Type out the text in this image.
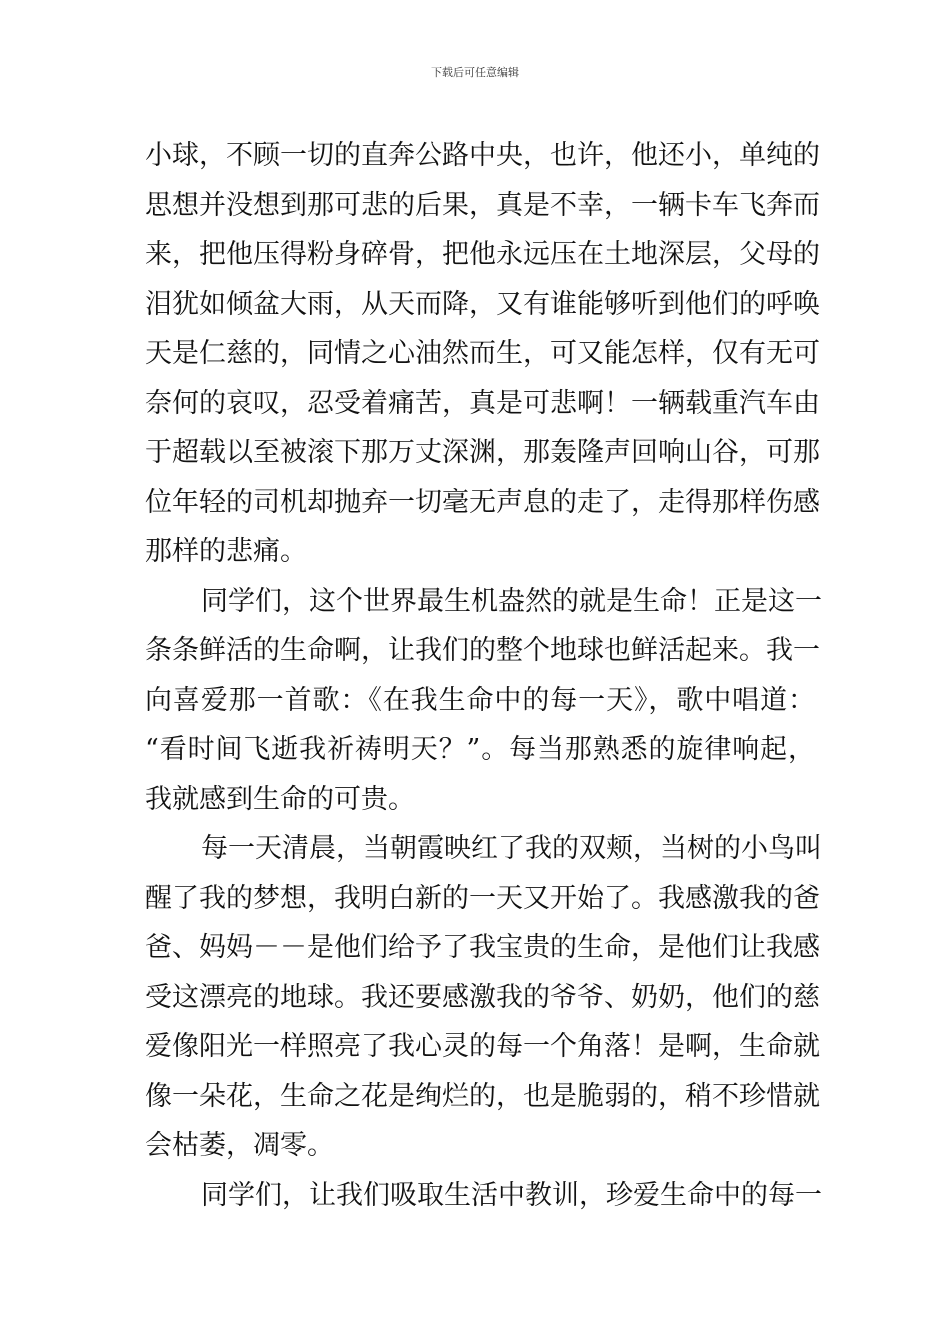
下载后可任意编辑
小球，不顾一切的直奔公路中央，也许，他还小，单纯的
思想并没想到那可悲的后果，真是不幸，一辆卡车飞奔而
来，把他压得粉身碎骨，把他永远压在土地深层，父母的
泪犹如倾盆大雨，从天而降，又有谁能够听到他们的呼唤
天是仁慈的，同情之心油然而生，可又能怎样，仅有无可
奈何的哀叹，忍受着痛苦，真是可悲啊！一辆载重汽车由
于超载以至被滚下那万丈深渊，那轰隆声回响山谷，可那
位年轻的司机却抛弃一切毫无声息的走了，走得那样伤感
那样的悲痛。
同学们，这个世界最生机盎然的就是生命！正是这一
条条鲜活的生命啊，让我们的整个地球也鲜活起来。我一
向喜爱那一首歌：《在我生命中的每一天》，歌中唱道：
“看时间飞逝我祈祷明天？”。每当那熟悉的旋律响起，
我就感到生命的可贵。
每一天清晨，当朝霞映红了我的双颊，当树的小鸟叫
醒了我的梦想，我明白新的一天又开始了。我感激我的爸
爸、妈妈－－是他们给予了我宝贵的生命，是他们让我感
受这漂亮的地球。我还要感激我的爷爷、奶奶，他们的慈
爱像阳光一样照亮了我心灵的每一个角落！是啊，生命就
像一朵花，生命之花是绚烂的，也是脆弱的，稍不珍惜就
会枯萎，凋零。
同学们，让我们吸取生活中教训，珍爱生命中的每一
